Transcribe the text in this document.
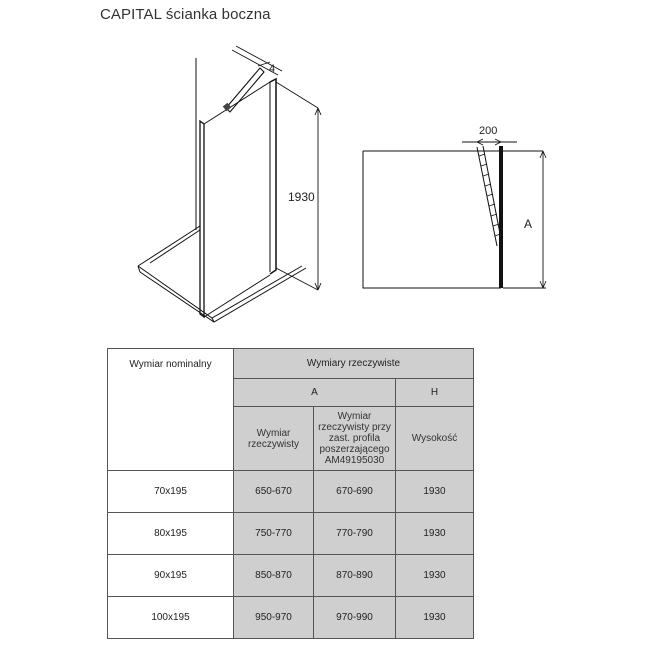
CAPITAL ścianka boczna
4
1930
200
A
Wymiar nominalny	Wymiary rzeczywiste		
	A		H
	Wymiar rzeczywisty	Wymiar rzeczywisty przy zast. profila poszerzającego AM49195030	Wysokość
70x195	650-670	670-690	1930
80x195	750-770	770-790	1930
90x195	850-870	870-890	1930
100x195	950-970	970-990	1930
